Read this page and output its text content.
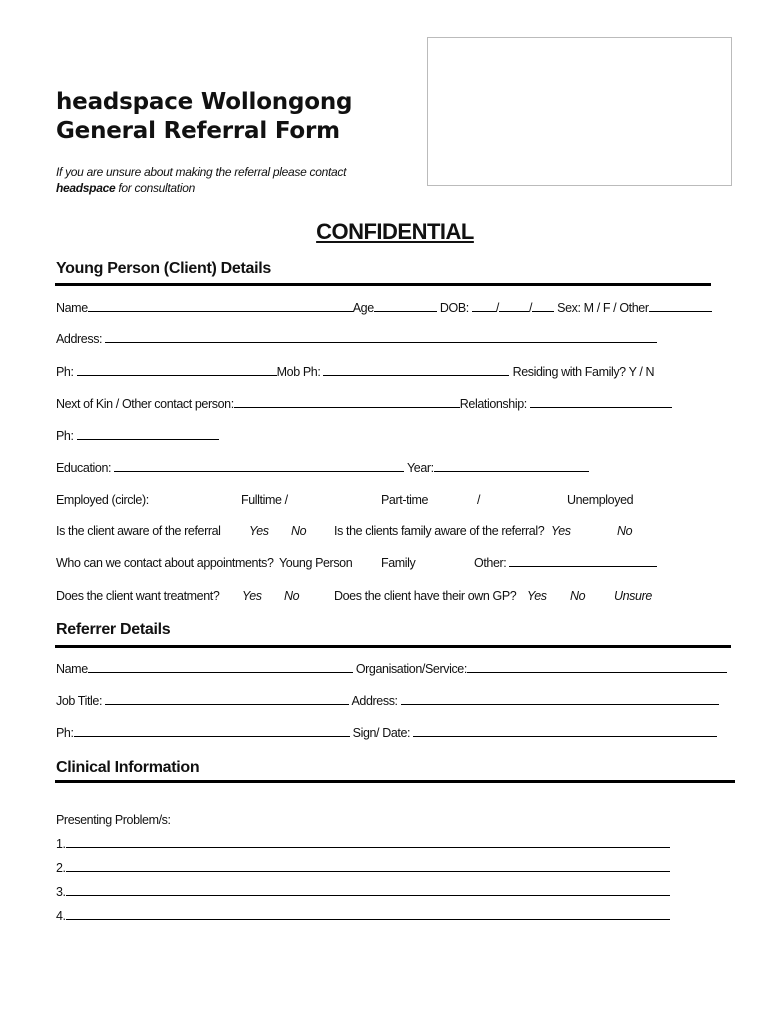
headspace Wollongong
General Referral Form
If you are unsure about making the referral please contact
headspace for consultation
CONFIDENTIAL
Young Person (Client) Details
Name	Age	DOB: / / Sex: M / F / Other
Address:
Ph:	Mob Ph:	Residing with Family? Y / N
Next of Kin / Other contact person:	Relationship:
Ph:
Education:	Year:
Employed (circle):	Fulltime /	Part-time	/	Unemployed
Is the client aware of the referral Yes No Is the clients family aware of the referral? Yes	No
Who can we contact about appointments? Young Person Family	Other:
Does the client want treatment? Yes No	Does the client have their own GP? Yes No Unsure
Referrer Details
Name	Organisation/Service:
Job Title:	Address:
Ph:	Sign/ Date:
Clinical Information
Presenting Problem/s:
1.
2.
3.
4.
